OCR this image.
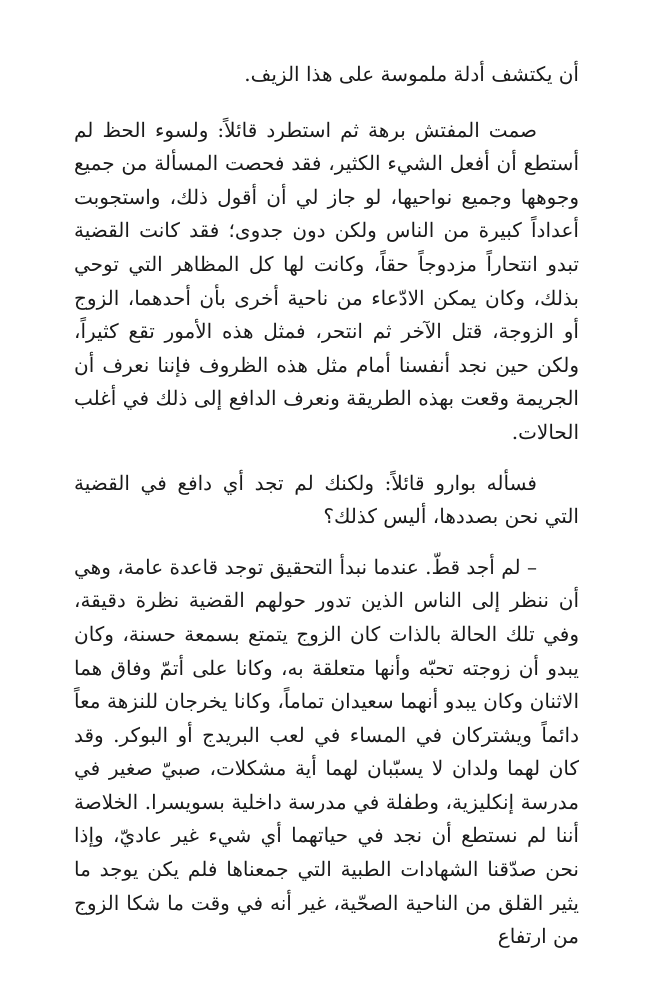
أن يكتشف أدلة ملموسة على هذا الزيف.

صمت المفتش برهة ثم استطرد قائلاً: ولسوء الحظ لم أستطع أن أفعل الشيء الكثير، فقد فحصت المسألة من جميع وجوهها وجميع نواحيها، لو جاز لي أن أقول ذلك، واستجوبت أعداداً كبيرة من الناس ولكن دون جدوى؛ فقد كانت القضية تبدو انتحاراً مزدوجاً حقاً، وكانت لها كل المظاهر التي توحي بذلك، وكان يمكن الادّعاء من ناحية أخرى بأن أحدهما، الزوج أو الزوجة، قتل الآخر ثم انتحر، فمثل هذه الأمور تقع كثيراً، ولكن حين نجد أنفسنا أمام مثل هذه الظروف فإننا نعرف أن الجريمة وقعت بهذه الطريقة ونعرف الدافع إلى ذلك في أغلب الحالات.

فسأله بوارو قائلاً: ولكنك لم تجد أي دافع في القضية التي نحن بصددها، أليس كذلك؟

– لم أجد قطّ. عندما نبدأ التحقيق توجد قاعدة عامة، وهي أن ننظر إلى الناس الذين تدور حولهم القضية نظرة دقيقة، وفي تلك الحالة بالذات كان الزوج يتمتع بسمعة حسنة، وكان يبدو أن زوجته تحبّه وأنها متعلقة به، وكانا على أتمّ وفاق هما الاثنان وكان يبدو أنهما سعيدان تماماً، وكانا يخرجان للنزهة معاً دائماً ويشتركان في المساء في لعب البريدج أو البوكر. وقد كان لهما ولدان لا يسبّبان لهما أية مشكلات، صبيّ صغير في مدرسة إنكليزية، وطفلة في مدرسة داخلية بسويسرا. الخلاصة أننا لم نستطع أن نجد في حياتهما أي شيء غير عاديّ، وإذا نحن صدّقنا الشهادات الطبية التي جمعناها فلم يكن يوجد ما يثير القلق من الناحية الصحّية، غير أنه في وقت ما شكا الزوج من ارتفاع
